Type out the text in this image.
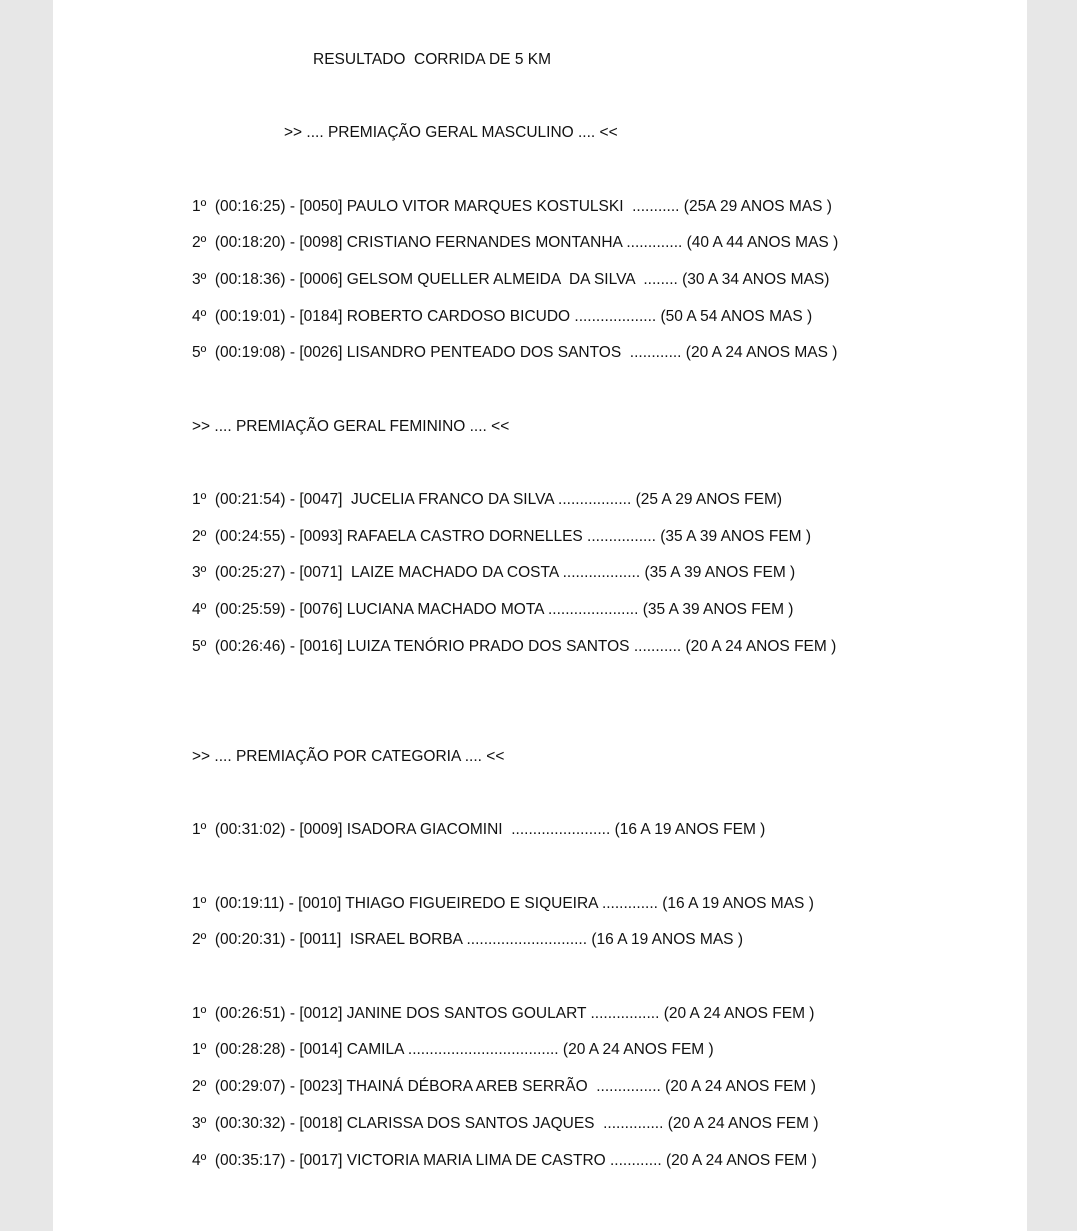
RESULTADO  CORRIDA DE 5 KM
>> .... PREMIAÇÃO GERAL MASCULINO .... <<
1º  (00:16:25) - [0050] PAULO VITOR MARQUES KOSTULSKI  ........... (25A 29 ANOS MAS )
2º  (00:18:20) - [0098] CRISTIANO FERNANDES MONTANHA ............. (40 A 44 ANOS MAS )
3º  (00:18:36) - [0006] GELSOM QUELLER ALMEIDA  DA SILVA  ........ (30 A 34 ANOS MAS)
4º  (00:19:01) - [0184] ROBERTO CARDOSO BICUDO ................... (50 A 54 ANOS MAS )
5º  (00:19:08) - [0026] LISANDRO PENTEADO DOS SANTOS  ............ (20 A 24 ANOS MAS )
>> .... PREMIAÇÃO GERAL FEMININO .... <<
1º  (00:21:54) - [0047]  JUCELIA FRANCO DA SILVA ................. (25 A 29 ANOS FEM)
2º  (00:24:55) - [0093] RAFAELA CASTRO DORNELLES ................ (35 A 39 ANOS FEM )
3º  (00:25:27) - [0071]  LAIZE MACHADO DA COSTA .................. (35 A 39 ANOS FEM )
4º  (00:25:59) - [0076] LUCIANA MACHADO MOTA ..................... (35 A 39 ANOS FEM )
5º  (00:26:46) - [0016] LUIZA TENÓRIO PRADO DOS SANTOS ........... (20 A 24 ANOS FEM )
>> .... PREMIAÇÃO POR CATEGORIA .... <<
1º  (00:31:02) - [0009] ISADORA GIACOMINI  ....................... (16 A 19 ANOS FEM )
1º  (00:19:11) - [0010] THIAGO FIGUEIREDO E SIQUEIRA ............. (16 A 19 ANOS MAS )
2º  (00:20:31) - [0011]  ISRAEL BORBA ............................ (16 A 19 ANOS MAS )
1º  (00:26:51) - [0012] JANINE DOS SANTOS GOULART ................ (20 A 24 ANOS FEM )
1º  (00:28:28) - [0014] CAMILA ................................... (20 A 24 ANOS FEM )
2º  (00:29:07) - [0023] THAINÁ DÉBORA AREB SERRÃO  ............... (20 A 24 ANOS FEM )
3º  (00:30:32) - [0018] CLARISSA DOS SANTOS JAQUES  .............. (20 A 24 ANOS FEM )
4º  (00:35:17) - [0017] VICTORIA MARIA LIMA DE CASTRO ............ (20 A 24 ANOS FEM )
